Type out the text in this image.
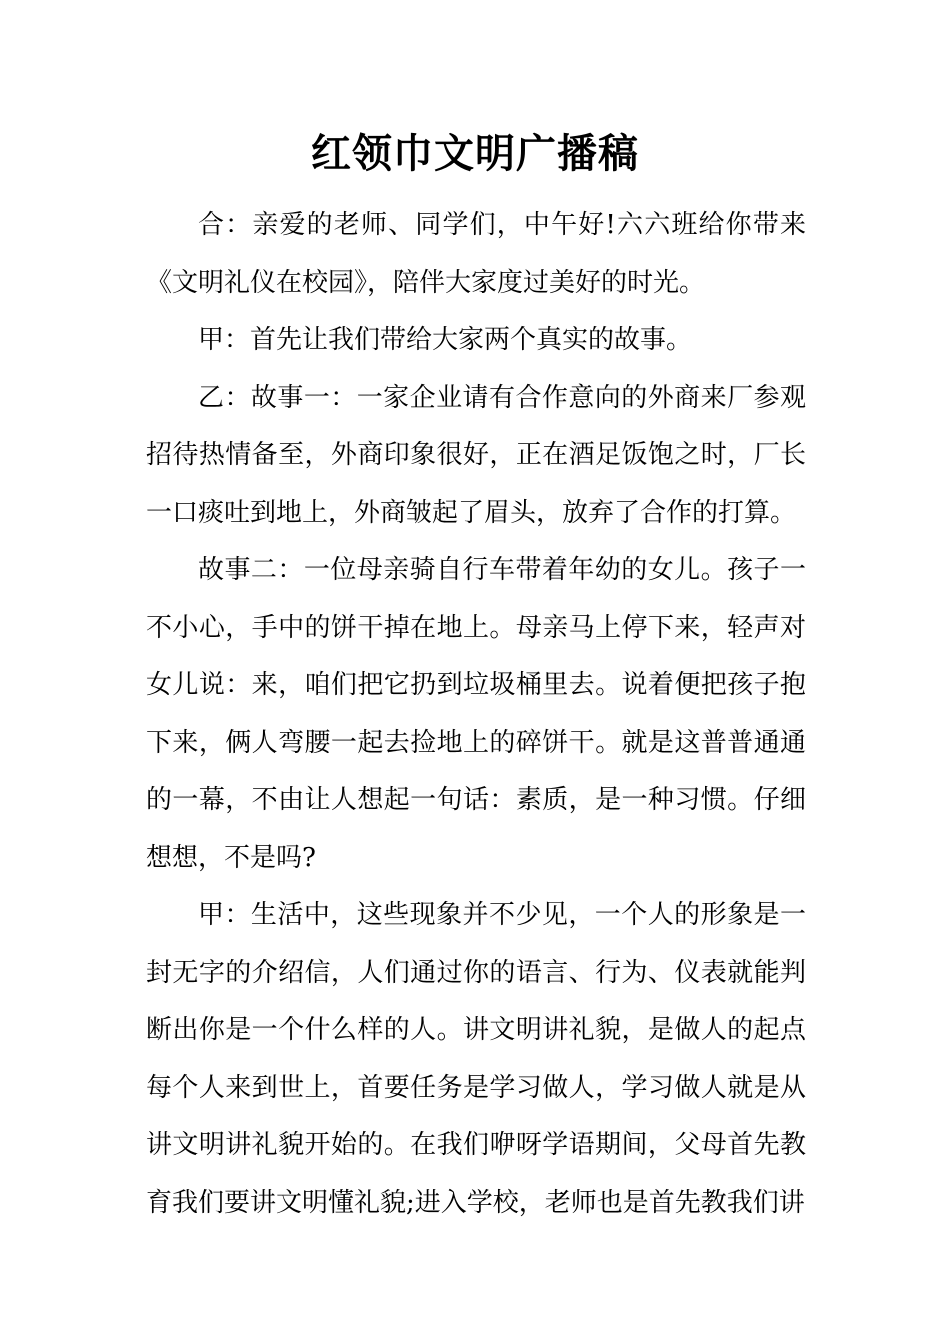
红领巾文明广播稿

合：亲爱的老师、同学们，中午好!六六班给你带来《文明礼仪在校园》，陪伴大家度过美好的时光。

甲：首先让我们带给大家两个真实的故事。

乙：故事一：一家企业请有合作意向的外商来厂参观招待热情备至，外商印象很好，正在酒足饭饱之时，厂长一口痰吐到地上，外商皱起了眉头，放弃了合作的打算。

故事二：一位母亲骑自行车带着年幼的女儿。孩子一不小心，手中的饼干掉在地上。母亲马上停下来，轻声对女儿说：来，咱们把它扔到垃圾桶里去。说着便把孩子抱下来，俩人弯腰一起去捡地上的碎饼干。就是这普普通通的一幕，不由让人想起一句话：素质，是一种习惯。仔细想想，不是吗?

甲：生活中，这些现象并不少见，一个人的形象是一封无字的介绍信，人们通过你的语言、行为、仪表就能判断出你是一个什么样的人。讲文明讲礼貌，是做人的起点每个人来到世上，首要任务是学习做人，学习做人就是从讲文明讲礼貌开始的。在我们咿呀学语期间，父母首先教育我们要讲文明懂礼貌;进入学校，老师也是首先教我们讲
